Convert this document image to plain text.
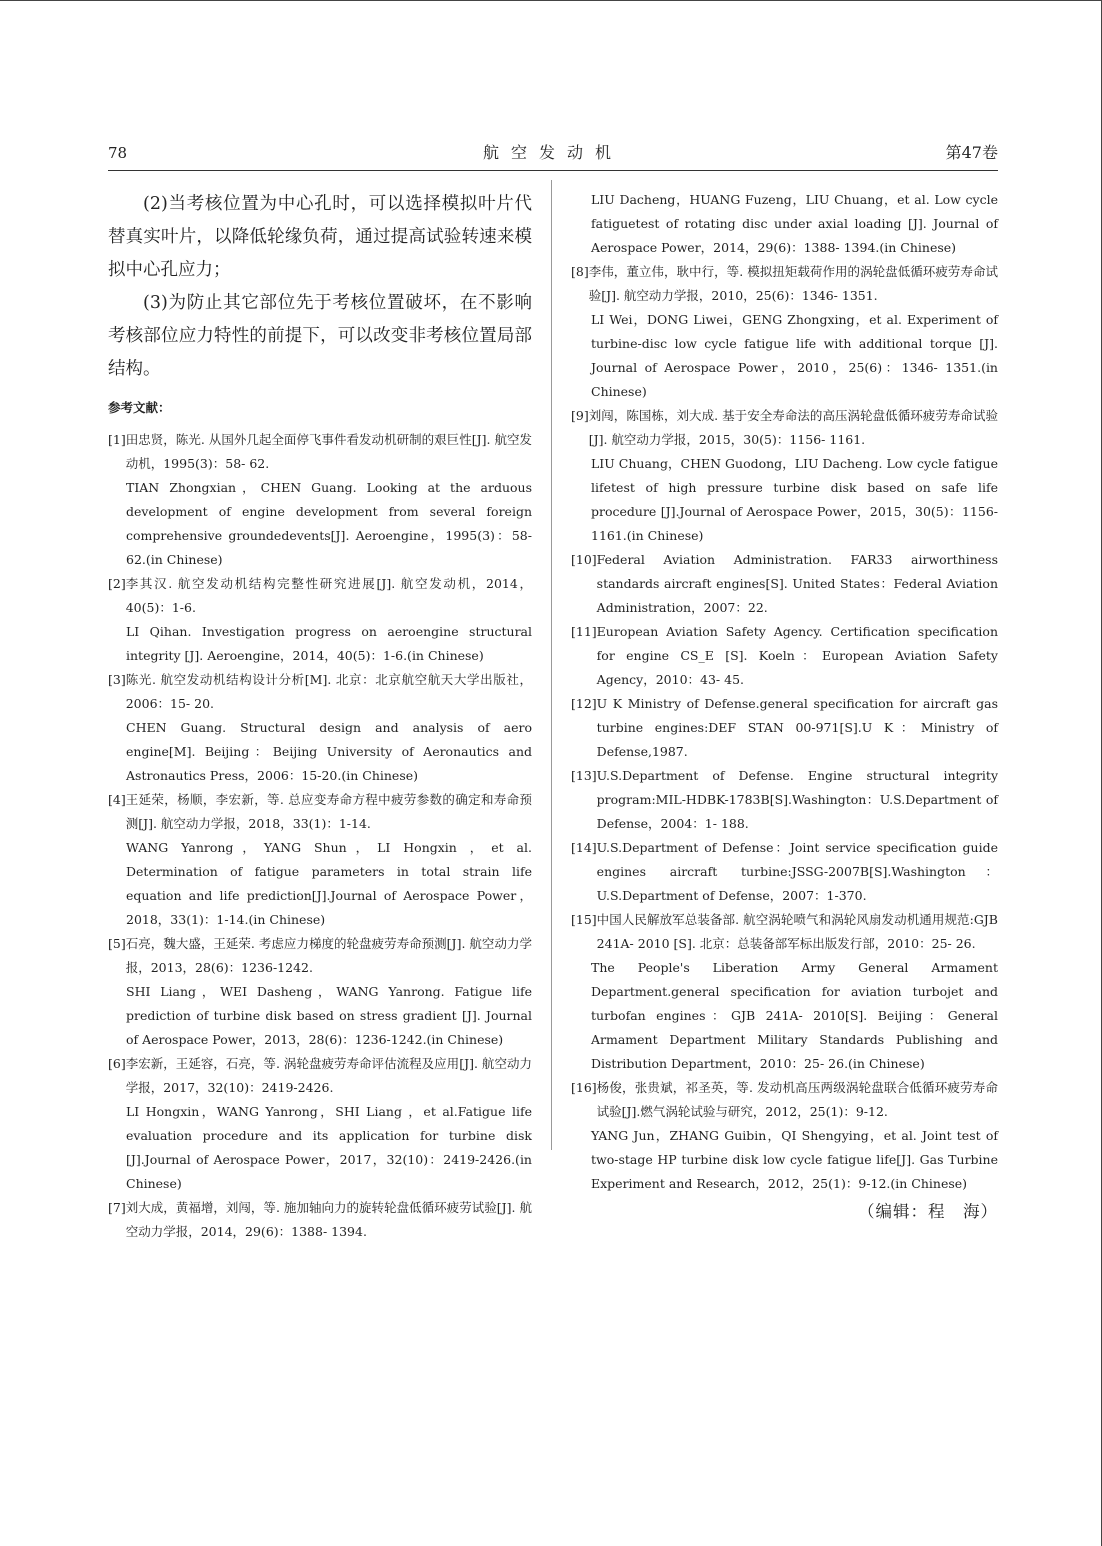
78	航空发动机	第47卷

(2)当考核位置为中心孔时，可以选择模拟叶片代替真实叶片，以降低轮缘负荷，通过提高试验转速来模拟中心孔应力；

(3)为防止其它部位先于考核位置破坏，在不影响考核部位应力特性的前提下，可以改变非考核位置局部结构。

参考文献：
[1] 田忠贤，陈光. 从国外几起全面停飞事件看发动机研制的艰巨性[J]. 航空发动机，1995(3)：58- 62.
TIAN Zhongxian，CHEN Guang. Looking at the arduous development of engine development from several foreign comprehensive groundedevents[J]. Aeroengine，1995(3)：58- 62.(in Chinese)
[2] 李其汉. 航空发动机结构完整性研究进展[J]. 航空发动机，2014，40(5)：1-6.
LI Qihan. Investigation progress on aeroengine structural integrity [J]. Aeroengine，2014，40(5)：1-6.(in Chinese)
[3] 陈光. 航空发动机结构设计分析[M]. 北京：北京航空航天大学出版社，2006：15- 20.
CHEN Guang. Structural design and analysis of aero engine[M]. Beijing：Beijing University of Aeronautics and Astronautics Press，2006：15-20.(in Chinese)
[4] 王延荣，杨顺，李宏新，等. 总应变寿命方程中疲劳参数的确定和寿命预测[J]. 航空动力学报，2018，33(1)：1-14.
WANG Yanrong，YANG Shun，LI Hongxin ，et al. Determination of fatigue parameters in total strain life equation and life prediction[J].Journal of Aerospace Power，2018，33(1)：1-14.(in Chinese)
[5] 石亮，魏大盛，王延荣. 考虑应力梯度的轮盘疲劳寿命预测[J]. 航空动力学报，2013，28(6)：1236-1242.
SHI Liang，WEI Dasheng，WANG Yanrong. Fatigue life prediction of turbine disk based on stress gradient [J]. Journal of Aerospace Power，2013，28(6)：1236-1242.(in Chinese)
[6] 李宏新，王延容，石亮，等. 涡轮盘疲劳寿命评估流程及应用[J]. 航空动力学报，2017，32(10)：2419-2426.
LI Hongxin，WANG Yanrong，SHI Liang ，et al.Fatigue life evaluation procedure and its application for turbine disk [J].Journal of Aerospace Power，2017，32(10)：2419-2426.(in Chinese)
[7] 刘大成，黄福增，刘闯，等. 施加轴向力的旋转轮盘低循环疲劳试验[J]. 航空动力学报，2014，29(6)：1388- 1394.
LIU Dacheng，HUANG Fuzeng，LIU Chuang，et al. Low cycle fatiguetest of rotating disc under axial loading [J]. Journal of Aerospace Power，2014，29(6)：1388- 1394.(in Chinese)
[8] 李伟，董立伟，耿中行，等. 模拟扭矩载荷作用的涡轮盘低循环疲劳寿命试验[J]. 航空动力学报，2010，25(6)：1346- 1351.
LI Wei，DONG Liwei，GENG Zhongxing，et al. Experiment of turbine-disc low cycle fatigue life with additional torque [J]. Journal of Aerospace Power，2010，25(6)：1346- 1351.(in Chinese)
[9] 刘闯，陈国栋，刘大成. 基于安全寿命法的高压涡轮盘低循环疲劳寿命试验[J]. 航空动力学报，2015，30(5)：1156- 1161.
LIU Chuang，CHEN Guodong，LIU Dacheng. Low cycle fatigue lifetest of high pressure turbine disk based on safe life procedure [J].Journal of Aerospace Power，2015，30(5)：1156- 1161.(in Chinese)
[10] Federal Aviation Administration. FAR33 airworthiness standards aircraft engines[S]. United States：Federal Aviation Administration，2007：22.
[11] European Aviation Safety Agency. Certification specification for engine CS_E [S]. Koeln：European Aviation Safety Agency，2010：43- 45.
[12] U K Ministry of Defense.general specification for aircraft gas turbine engines:DEF STAN 00-971[S].U K：Ministry of Defense,1987.
[13] U.S.Department of Defense. Engine structural integrity program:MIL-HDBK-1783B[S].Washington：U.S.Department of Defense，2004：1- 188.
[14] U.S.Department of Defense：Joint service specification guide engines aircraft turbine:JSSG-2007B[S].Washington：U.S.Department of Defense，2007：1-370.
[15] 中国人民解放军总装备部. 航空涡轮喷气和涡轮风扇发动机通用规范:GJB 241A- 2010 [S]. 北京：总装备部军标出版发行部，2010：25- 26.
The People's Liberation Army General Armament Department.general specification for aviation turbojet and turbofan engines：GJB 241A- 2010[S]. Beijing：General Armament Department Military Standards Publishing and Distribution Department，2010：25- 26.(in Chinese)
[16] 杨俊，张贵斌，祁圣英，等. 发动机高压两级涡轮盘联合低循环疲劳寿命试验[J].燃气涡轮试验与研究，2012，25(1)：9-12.
YANG Jun，ZHANG Guibin，QI Shengying，et al. Joint test of two-stage HP turbine disk low cycle fatigue life[J]. Gas Turbine Experiment and Research，2012，25(1)：9-12.(in Chinese)
（编辑：程　海）
